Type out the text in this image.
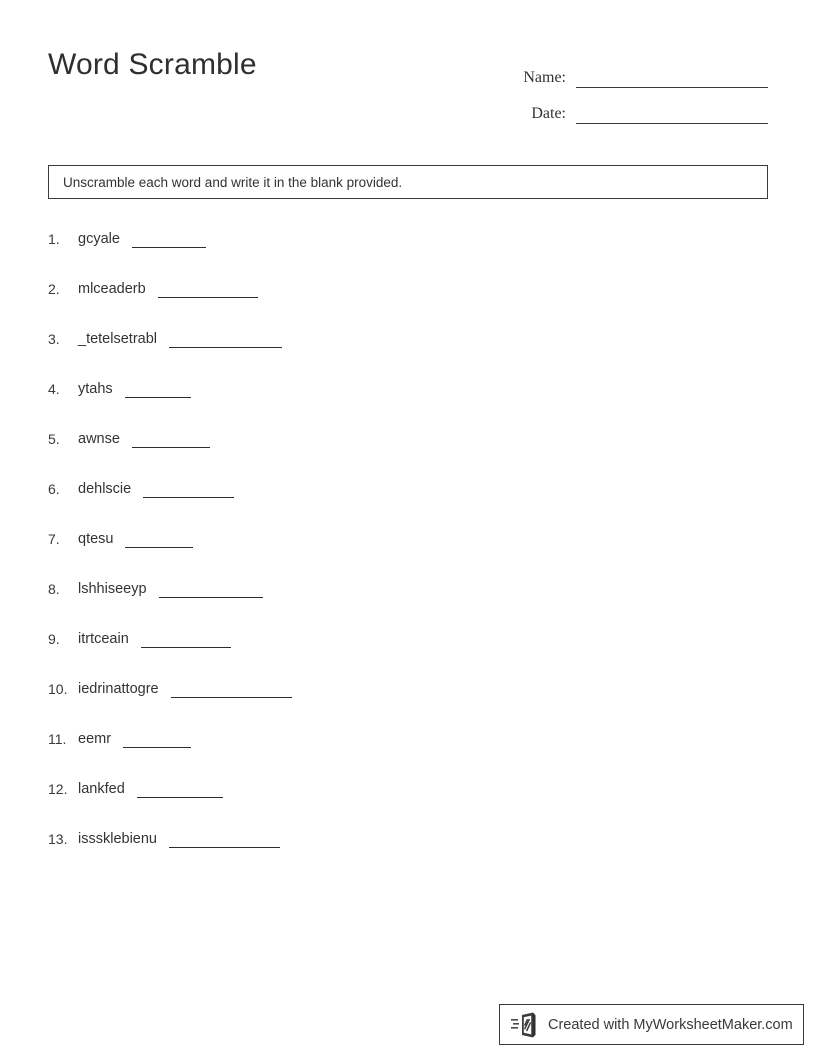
Word Scramble	Name:
Date:
Unscramble each word and write it in the blank provided.
1.	gcyale
2.	mlceaderb
3.	_tetelsetrabl
4.	ytahs
5.	awnse
6.	dehlscie
7.	qtesu
8.	lshhiseeyp
9.	itrtceain
10. iedrinattogre
11. eemr
12. lankfed
13. isssklebienu
Created with MyWorksheetMaker.com
